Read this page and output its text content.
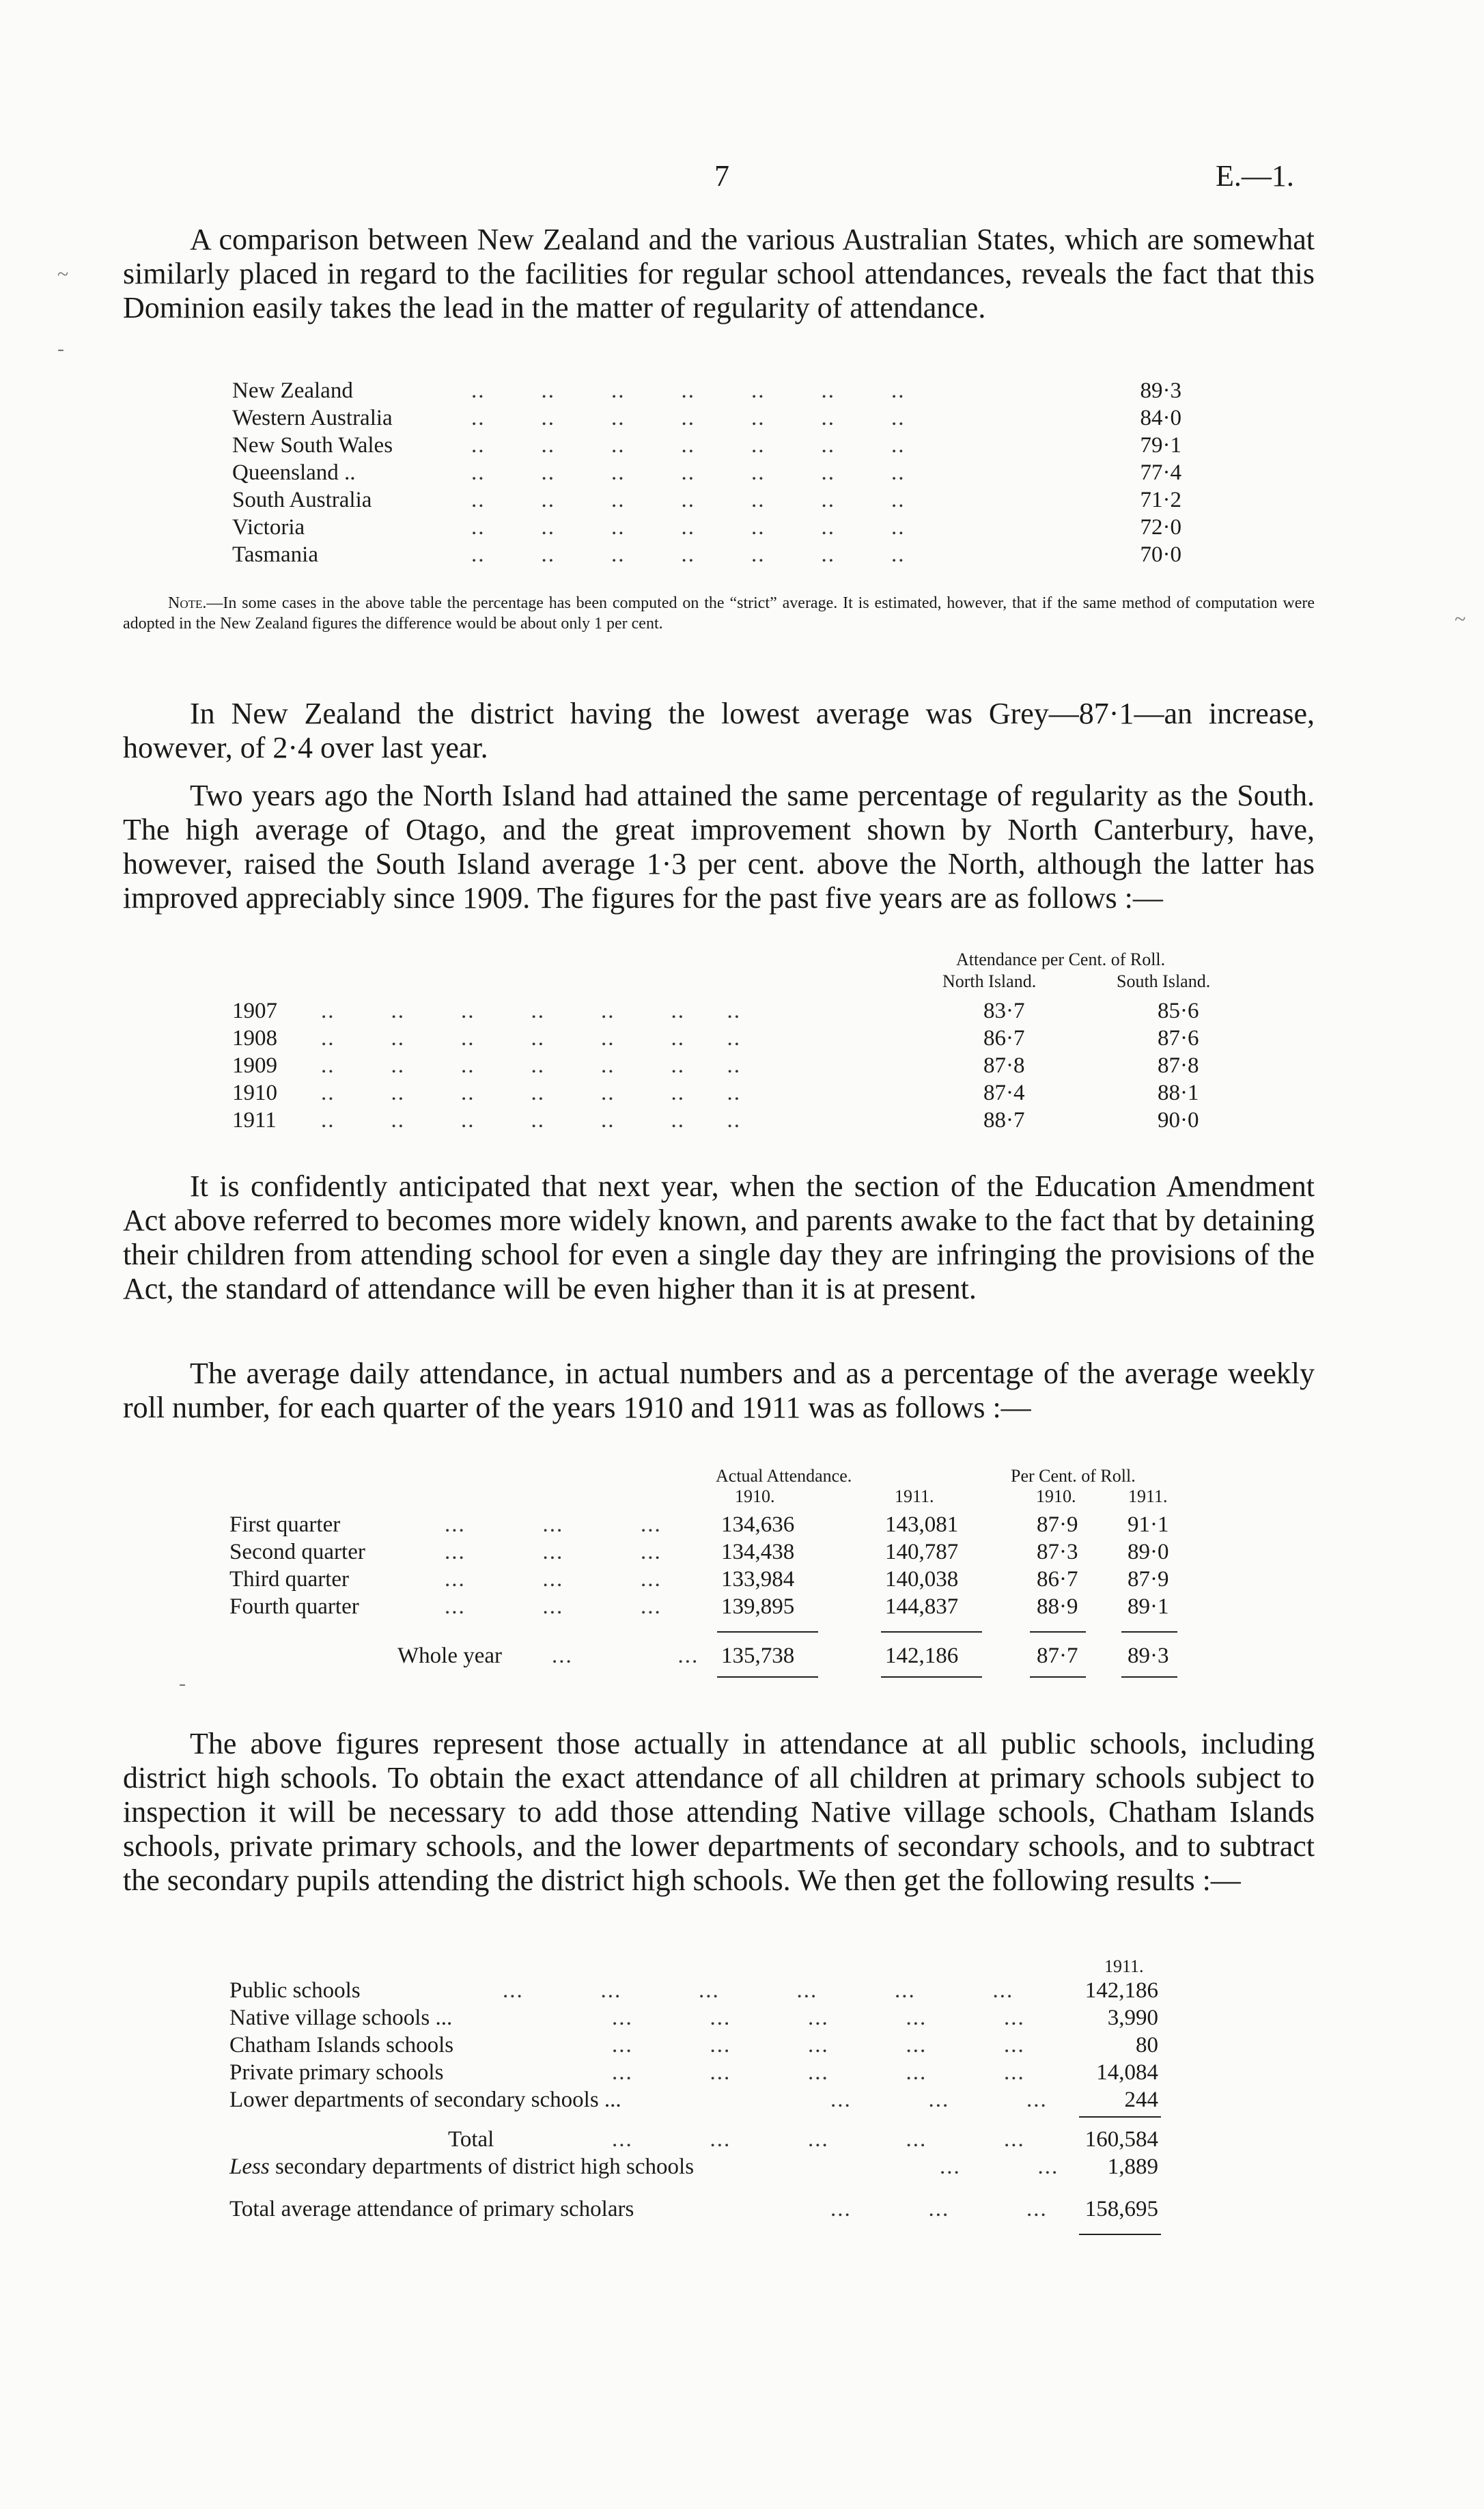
7	E.—1.

A comparison between New Zealand and the various Australian States, which are somewhat similarly placed in regard to the facilities for regular school attendances, reveals the fact that this Dominion easily takes the lead in the matter of regularity of attendance.

New Zealand	..        ..        ..        ..        ..        ..        ..	89·3
Western Australia	..        ..        ..        ..        ..        ..        ..	84·0
New South Wales	..        ..        ..        ..        ..        ..        ..	79·1
Queensland ..	..        ..        ..        ..        ..        ..        ..	77·4
South Australia	..        ..        ..        ..        ..        ..        ..	71·2
Victoria	..        ..        ..        ..        ..        ..        ..	72·0
Tasmania	..        ..        ..        ..        ..        ..        ..	70·0
Note.—In some cases in the above table the percentage has been computed on the “strict” average. It is estimated, however, that if the same method of computation were adopted in the New Zealand figures the difference would be about only 1 per cent.

In New Zealand the district having the lowest average was Grey—87·1—an increase, however, of 2·4 over last year.

Two years ago the North Island had attained the same percentage of regularity as the South. The high average of Otago, and the great improvement shown by North Canterbury, have, however, raised the South Island average 1·3 per cent. above the North, although the latter has improved appreciably since 1909. The figures for the past five years are as follows :—

Attendance per Cent. of Roll.
North Island.	South Island.
1907 ..        ..        ..        ..        ..        ..      ..	83·7	85·6
1908 ..        ..        ..        ..        ..        ..      ..	86·7	87·6
1909 ..        ..        ..        ..        ..        ..      ..	87·8	87·8
1910 ..        ..        ..        ..        ..        ..      ..	87·4	88·1
1911 ..        ..        ..        ..        ..        ..      ..	88·7	90·0

It is confidently anticipated that next year, when the section of the Education Amendment Act above referred to becomes more widely known, and parents awake to the fact that by detaining their children from attending school for even a single day they are infringing the provisions of the Act, the standard of attendance will be even higher than it is at present.

The average daily attendance, in actual numbers and as a percentage of the average weekly roll number, for each quarter of the years 1910 and 1911 was as follows :—

Actual Attendance.	Per Cent. of Roll.
1910.	1911.	1910.	1911.
First quarter	...           ...           ...	134,636	143,081	87·9 91·1
Second quarter	...           ...           ...	134,438	140,787	87·3 89·0
Third quarter	...           ...           ...	133,984	140,038	86·7 87·9
Fourth quarter	...           ...           ...	139,895	144,837	88·9 89·1
Whole year ...               ... 135,738	142,186	87·7 89·3

The above figures represent those actually in attendance at all public schools, including district high schools. To obtain the exact attendance of all children at primary schools subject to inspection it will be necessary to add those attending Native village schools, Chatham Islands schools, private primary schools, and the lower departments of secondary schools, and to subtract the secondary pupils attending the district high schools. We then get the following results :—

1911.
Public schools	...           ...           ...           ...           ...           ...	142,186
Native village schools ...	...           ...           ...           ...           ...	3,990
Chatham Islands schools	...           ...           ...           ...           ...	80
Private primary schools	...           ...           ...           ...           ...	14,084
Lower departments of secondary schools ...	...           ...           ...	244
Total	...           ...           ...           ...           ...	160,584
Less secondary departments of district high schools	...           ...	1,889
Total average attendance of primary scholars	...           ...           ...	158,695
~
-
~
-
